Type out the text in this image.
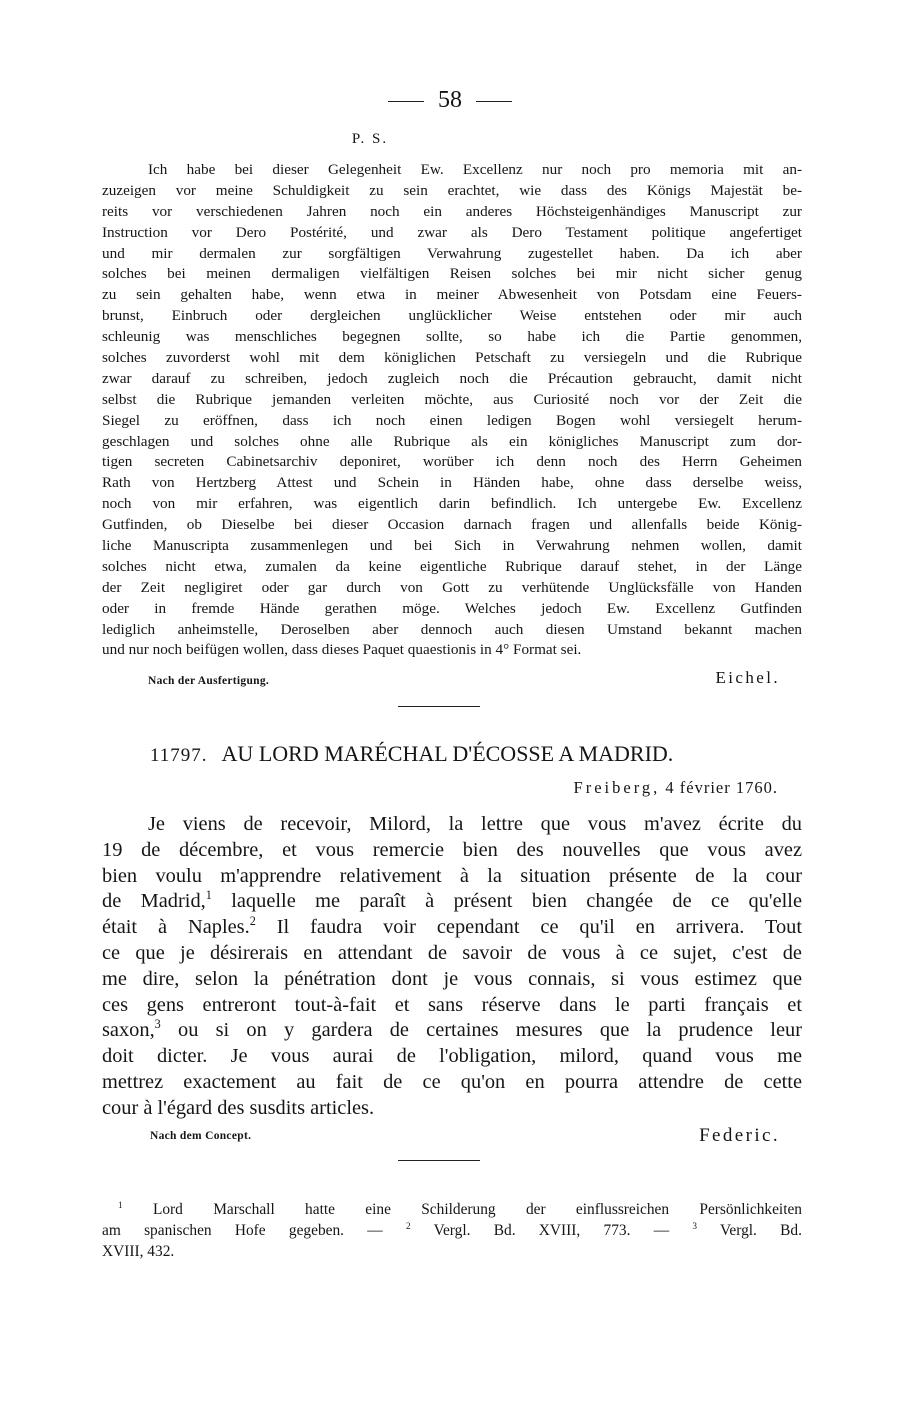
58
P. S.
Ich habe bei dieser Gelegenheit Ew. Excellenz nur noch pro memoria mit an-
zuzeigen vor meine Schuldigkeit zu sein erachtet, wie dass des Königs Majestät be-
reits vor verschiedenen Jahren noch ein anderes Höchsteigenhändiges Manuscript zur
Instruction vor Dero Postérité, und zwar als Dero Testament politique angefertiget
und mir dermalen zur sorgfältigen Verwahrung zugestellet haben. Da ich aber
solches bei meinen dermaligen vielfältigen Reisen solches bei mir nicht sicher genug
zu sein gehalten habe, wenn etwa in meiner Abwesenheit von Potsdam eine Feuers-
brunst, Einbruch oder dergleichen unglücklicher Weise entstehen oder mir auch
schleunig was menschliches begegnen sollte, so habe ich die Partie genommen,
solches zuvorderst wohl mit dem königlichen Petschaft zu versiegeln und die Rubrique
zwar darauf zu schreiben, jedoch zugleich noch die Précaution gebraucht, damit nicht
selbst die Rubrique jemanden verleiten möchte, aus Curiosité noch vor der Zeit die
Siegel zu eröffnen, dass ich noch einen ledigen Bogen wohl versiegelt herum-
geschlagen und solches ohne alle Rubrique als ein königliches Manuscript zum dor-
tigen secreten Cabinetsarchiv deponiret, worüber ich denn noch des Herrn Geheimen
Rath von Hertzberg Attest und Schein in Händen habe, ohne dass derselbe weiss,
noch von mir erfahren, was eigentlich darin befindlich. Ich untergebe Ew. Excellenz
Gutfinden, ob Dieselbe bei dieser Occasion darnach fragen und allenfalls beide König-
liche Manuscripta zusammenlegen und bei Sich in Verwahrung nehmen wollen, damit
solches nicht etwa, zumalen da keine eigentliche Rubrique darauf stehet, in der Länge
der Zeit negligiret oder gar durch von Gott zu verhütende Unglücksfälle von Handen
oder in fremde Hände gerathen möge. Welches jedoch Ew. Excellenz Gutfinden
lediglich anheimstelle, Deroselben aber dennoch auch diesen Umstand bekannt machen
und nur noch beifügen wollen, dass dieses Paquet quaestionis in 4° Format sei.
Nach der Ausfertigung.	Eichel.
11797. AU LORD MARÉCHAL D'ÉCOSSE A MADRID.
Freiberg, 4 février 1760.
Je viens de recevoir, Milord, la lettre que vous m'avez écrite du
19 de décembre, et vous remercie bien des nouvelles que vous avez
bien voulu m'apprendre relativement à la situation présente de la cour
de Madrid,$^1$ laquelle me paraît à présent bien changée de ce qu'elle
était à Naples.$^2$ Il faudra voir cependant ce qu'il en arrivera. Tout
ce que je désirerais en attendant de savoir de vous à ce sujet, c'est de
me dire, selon la pénétration dont je vous connais, si vous estimez que
ces gens entreront tout-à-fait et sans réserve dans le parti français et
saxon,$^3$ ou si on y gardera de certaines mesures que la prudence leur
doit dicter. Je vous aurai de l'obligation, milord, quand vous me
mettrez exactement au fait de ce qu'on en pourra attendre de cette
cour à l'égard des susdits articles.
Nach dem Concept.	Federic.
$^1$ Lord Marschall hatte eine Schilderung der einflussreichen Persönlichkeiten
am spanischen Hofe gegeben. —	$^2$ Vergl. Bd. XVIII, 773. —	$^3$ Vergl. Bd.
XVIII, 432.
